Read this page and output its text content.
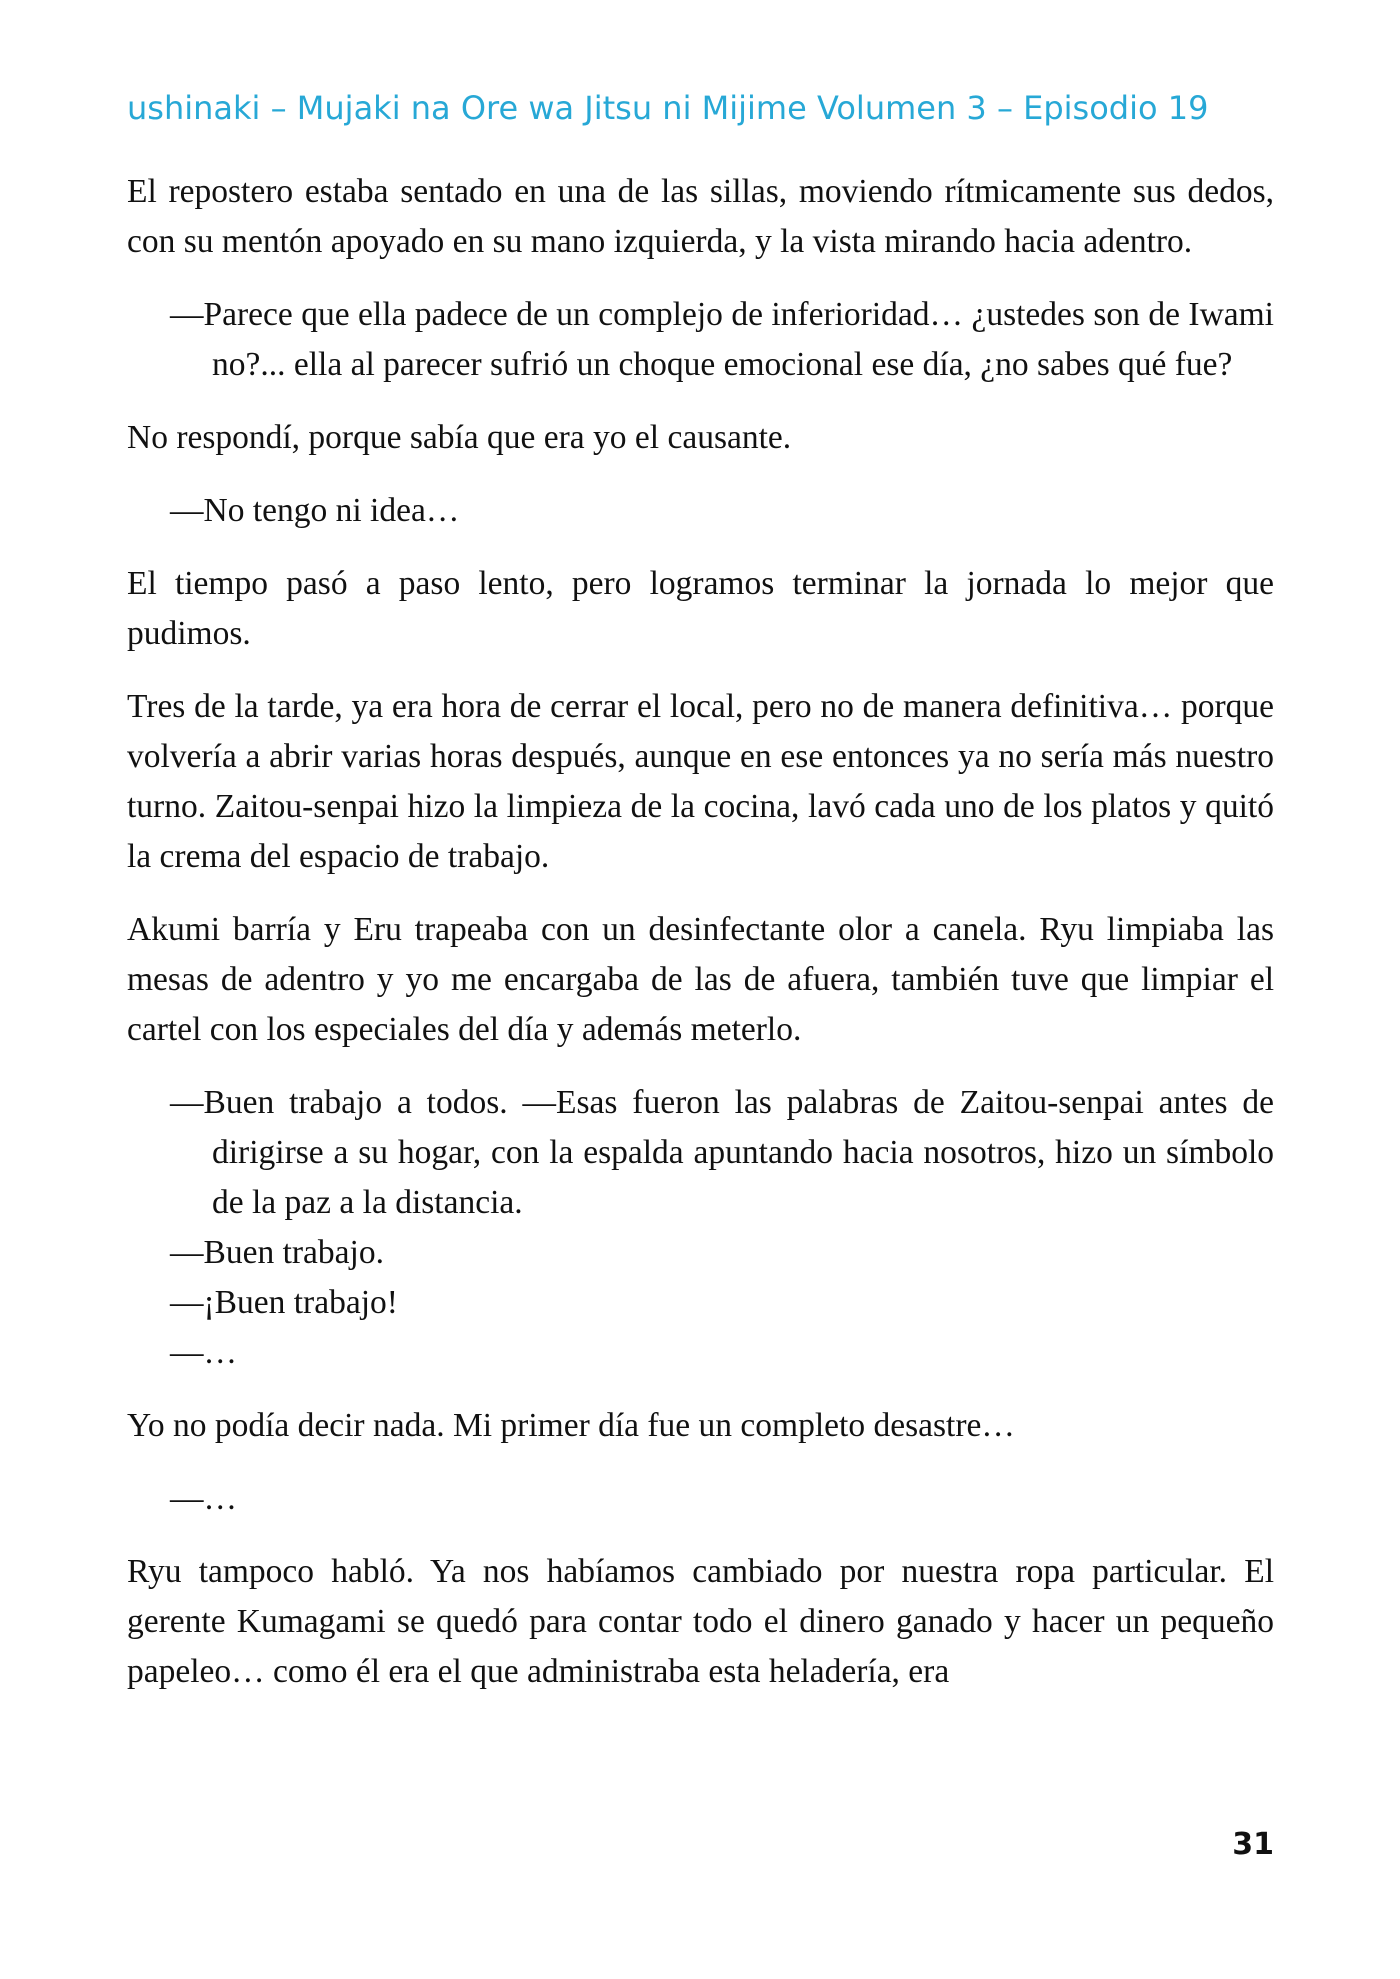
ushinaki – Mujaki na Ore wa Jitsu ni Mijime Volumen 3 – Episodio 19

El repostero estaba sentado en una de las sillas, moviendo rítmicamente sus dedos, con su mentón apoyado en su mano izquierda, y la vista mirando hacia adentro.

—Parece que ella padece de un complejo de inferioridad… ¿ustedes son de Iwami no?... ella al parecer sufrió un choque emocional ese día, ¿no sabes qué fue?

No respondí, porque sabía que era yo el causante.

—No tengo ni idea…

El tiempo pasó a paso lento, pero logramos terminar la jornada lo mejor que pudimos.

Tres de la tarde, ya era hora de cerrar el local, pero no de manera definitiva… porque volvería a abrir varias horas después, aunque en ese entonces ya no sería más nuestro turno. Zaitou-senpai hizo la limpieza de la cocina, lavó cada uno de los platos y quitó la crema del espacio de trabajo.

Akumi barría y Eru trapeaba con un desinfectante olor a canela. Ryu limpiaba las mesas de adentro y yo me encargaba de las de afuera, también tuve que limpiar el cartel con los especiales del día y además meterlo.

—Buen trabajo a todos. —Esas fueron las palabras de Zaitou-senpai antes de dirigirse a su hogar, con la espalda apuntando hacia nosotros, hizo un símbolo de la paz a la distancia.

—Buen trabajo.

—¡Buen trabajo!

—…

Yo no podía decir nada. Mi primer día fue un completo desastre…

—…

Ryu tampoco habló. Ya nos habíamos cambiado por nuestra ropa particular. El gerente Kumagami se quedó para contar todo el dinero ganado y hacer un pequeño papeleo… como él era el que administraba esta heladería, era

31
